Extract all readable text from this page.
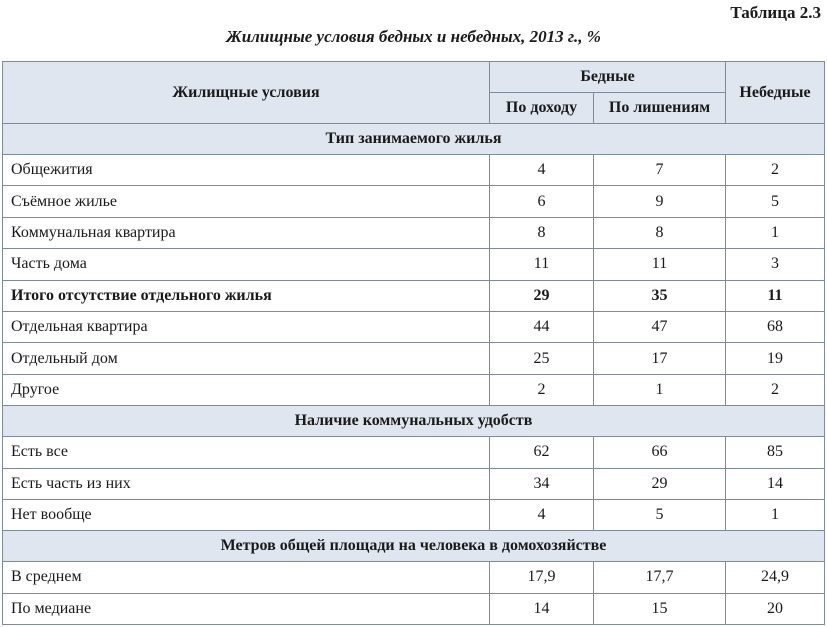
Таблица 2.3
Жилищные условия бедных и небедных, 2013 г., %
Жилищные условия	Бедные		Небедные
	По доходу	По лишениям	
Тип занимаемого жилья			
Общежития	4	7	2
Съёмное жилье	6	9	5
Коммунальная квартира	8	8	1
Часть дома	11	11	3
Итого отсутствие отдельного жилья	29	35	11
Отдельная квартира	44	47	68
Отдельный дом	25	17	19
Другое	2	1	2
Наличие коммунальных удобств			
Есть все	62	66	85
Есть часть из них	34	29	14
Нет вообще	4	5	1
Метров общей площади на человека в домохозяйстве			
В среднем	17,9	17,7	24,9
По медиане	14	15	20
